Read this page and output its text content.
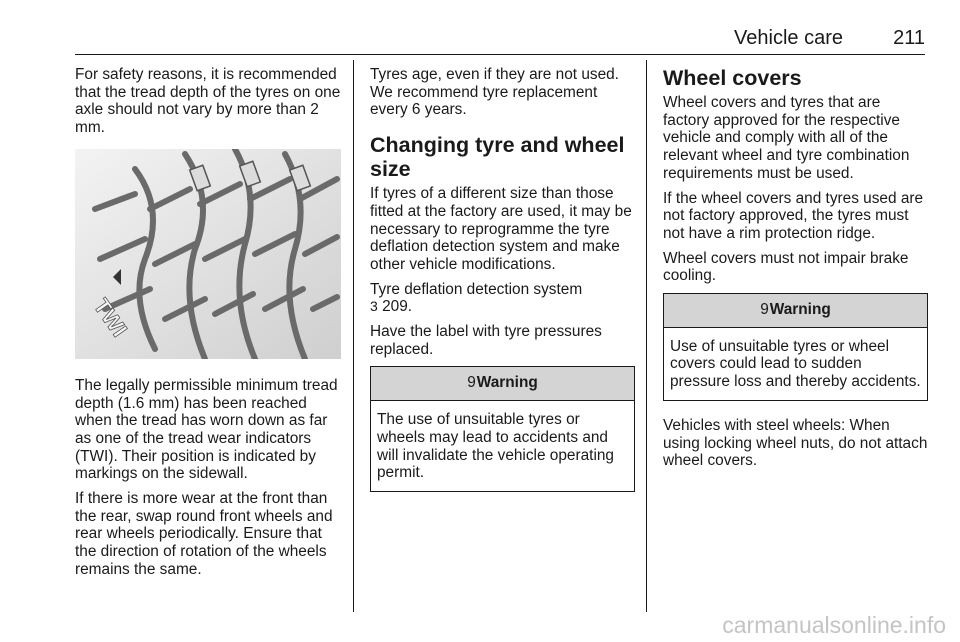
Vehicle care	211

For safety reasons, it is recommended that the tread depth of the tyres on one axle should not vary by more than 2 mm.

TWI

The legally permissible minimum tread depth (1.6 mm) has been reached when the tread has worn down as far as one of the tread wear indicators (TWI). Their position is indicated by markings on the sidewall.

If there is more wear at the front than the rear, swap round front wheels and rear wheels periodically. Ensure that the direction of rotation of the wheels remains the same.

Tyres age, even if they are not used. We recommend tyre replacement every 6 years.

Changing tyre and wheel size

If tyres of a different size than those fitted at the factory are used, it may be necessary to reprogramme the tyre deflation detection system and make other vehicle modifications.

Tyre deflation detection system
3 209.

Have the label with tyre pressures replaced.

9Warning
The use of unsuitable tyres or wheels may lead to accidents and will invalidate the vehicle operating permit.
Wheel covers

Wheel covers and tyres that are factory approved for the respective vehicle and comply with all of the relevant wheel and tyre combination requirements must be used.

If the wheel covers and tyres used are not factory approved, the tyres must not have a rim protection ridge.

Wheel covers must not impair brake cooling.

9Warning
Use of unsuitable tyres or wheel covers could lead to sudden pressure loss and thereby accidents.

Vehicles with steel wheels: When using locking wheel nuts, do not attach wheel covers.

carmanualsonline.info
